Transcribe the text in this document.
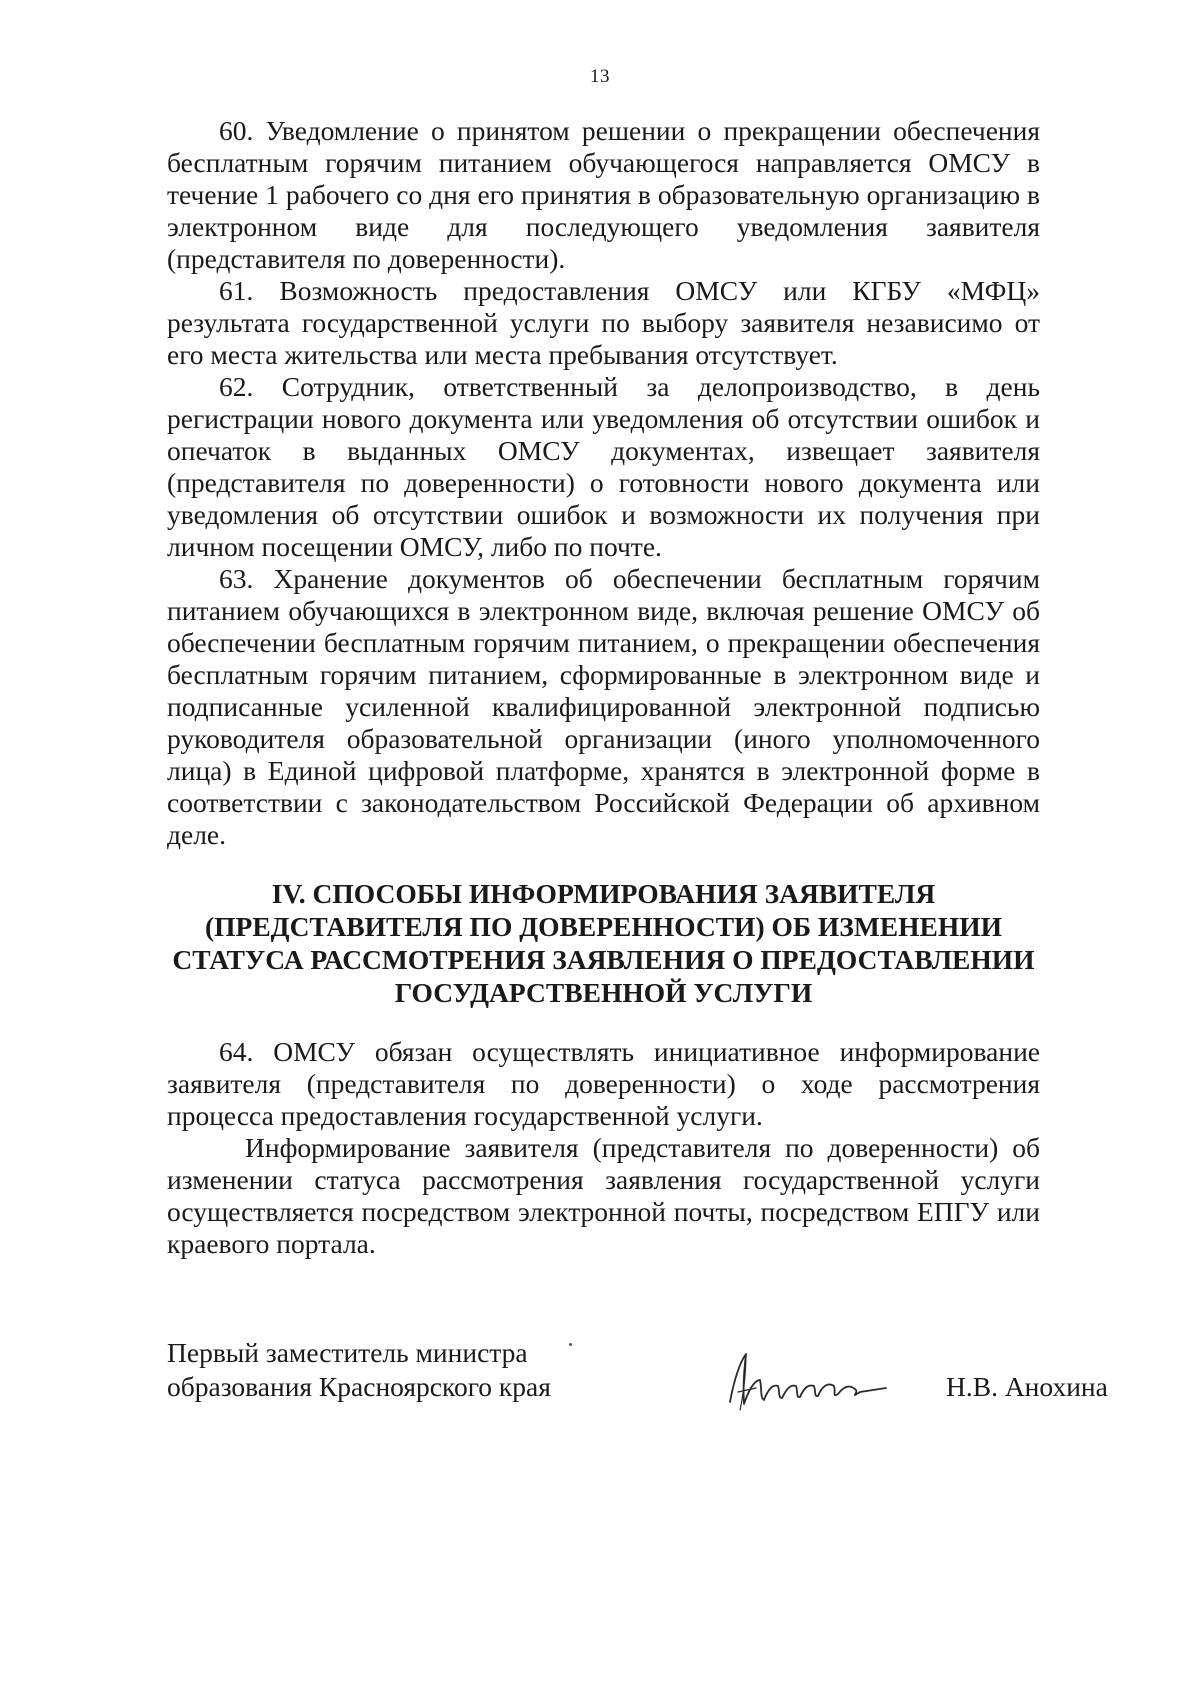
13

60. Уведомление о принятом решении о прекращении обеспечения бесплатным горячим питанием обучающегося направляется ОМСУ в течение 1 рабочего со дня его принятия в образовательную организацию в электронном виде для последующего уведомления заявителя (представителя по доверенности).

61. Возможность предоставления ОМСУ или КГБУ «МФЦ» результата государственной услуги по выбору заявителя независимо от его места жительства или места пребывания отсутствует.

62. Сотрудник, ответственный за делопроизводство, в день регистрации нового документа или уведомления об отсутствии ошибок и опечаток в выданных ОМСУ документах, извещает заявителя (представителя по доверенности) о готовности нового документа или уведомления об отсутствии ошибок и возможности их получения при личном посещении ОМСУ, либо по почте.

63. Хранение документов об обеспечении бесплатным горячим питанием обучающихся в электронном виде, включая решение ОМСУ об обеспечении бесплатным горячим питанием, о прекращении обеспечения бесплатным горячим питанием, сформированные в электронном виде и подписанные усиленной квалифицированной электронной подписью руководителя образовательной организации (иного уполномоченного лица) в Единой цифровой платформе, хранятся в электронной форме в соответствии с законодательством Российской Федерации об архивном деле.

IV. СПОСОБЫ ИНФОРМИРОВАНИЯ ЗАЯВИТЕЛЯ
(ПРЕДСТАВИТЕЛЯ ПО ДОВЕРЕННОСТИ) ОБ ИЗМЕНЕНИИ
СТАТУСА РАССМОТРЕНИЯ ЗАЯВЛЕНИЯ О ПРЕДОСТАВЛЕНИИ
ГОСУДАРСТВЕННОЙ УСЛУГИ

64. ОМСУ обязан осуществлять инициативное информирование заявителя (представителя по доверенности) о ходе рассмотрения процесса предоставления государственной услуги.

Информирование заявителя (представителя по доверенности) об изменении статуса рассмотрения заявления государственной услуги осуществляется посредством электронной почты, посредством ЕПГУ или краевого портала.

Первый заместитель министра
образования Красноярского края	Н.В. Анохина
